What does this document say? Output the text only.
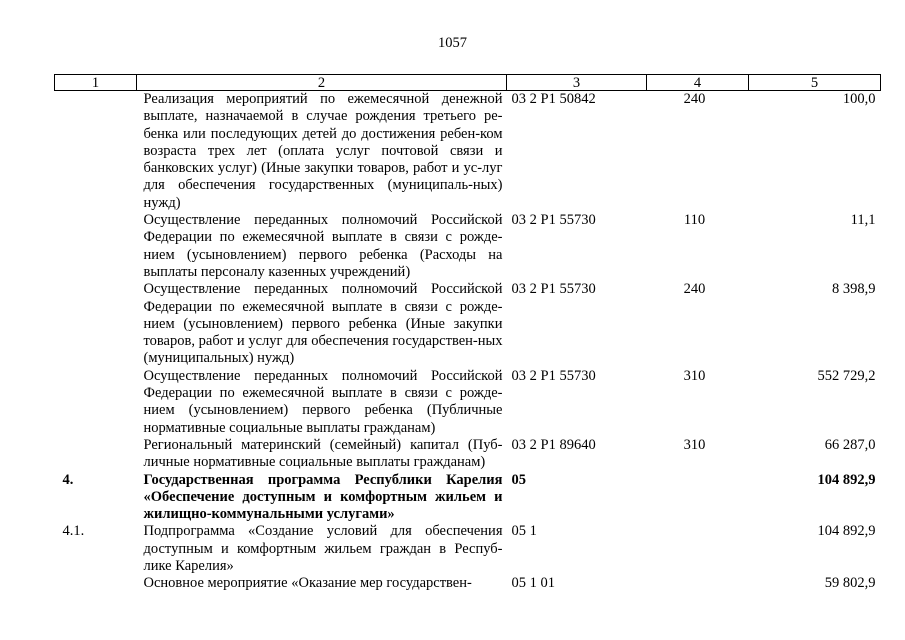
1057
1	2	3	4	5
	Реализация мероприятий по ежемесячной денежной выплате, назначаемой в случае рождения третьего ре-бенка или последующих детей до достижения ребен-ком возраста трех лет (оплата услуг почтовой связи и банковских услуг) (Иные закупки товаров, работ и ус-луг для обеспечения государственных (муниципаль-ных) нужд)	03 2 P1 50842	240	100,0
	Осуществление переданных полномочий Российской Федерации по ежемесячной выплате в связи с рожде-нием (усыновлением) первого ребенка (Расходы на выплаты персоналу казенных учреждений)	03 2 P1 55730	110	11,1
	Осуществление переданных полномочий Российской Федерации по ежемесячной выплате в связи с рожде-нием (усыновлением) первого ребенка (Иные закупки товаров, работ и услуг для обеспечения государствен-ных (муниципальных) нужд)	03 2 P1 55730	240	8 398,9
	Осуществление переданных полномочий Российской Федерации по ежемесячной выплате в связи с рожде-нием (усыновлением) первого ребенка (Публичные нормативные социальные выплаты гражданам)	03 2 P1 55730	310	552 729,2
	Региональный материнский (семейный) капитал (Пуб-личные нормативные социальные выплаты гражданам)	03 2 P1 89640	310	66 287,0
4.	Государственная программа Республики Карелия «Обеспечение доступным и комфортным жильем и жилищно-коммунальными услугами»	05		104 892,9
4.1.	Подпрограмма «Создание условий для обеспечения доступным и комфортным жильем граждан в Респуб-лике Карелия»	05 1		104 892,9
	Основное мероприятие «Оказание мер государствен-	05 1 01		59 802,9
